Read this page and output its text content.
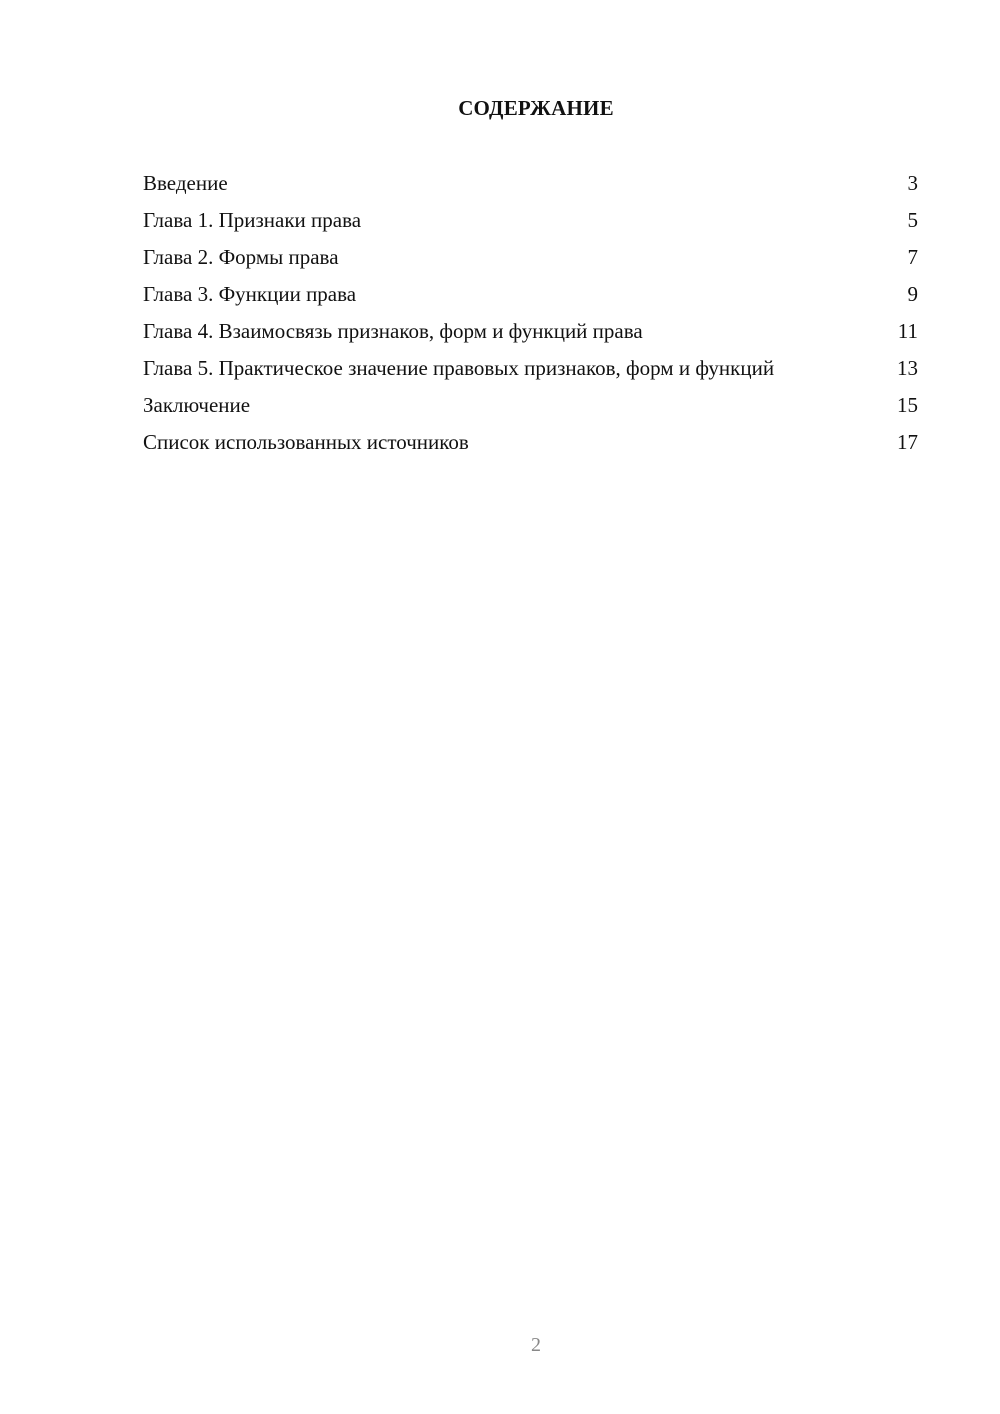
СОДЕРЖАНИЕ
Введение	3
Глава 1. Признаки права	5
Глава 2. Формы права	7
Глава 3. Функции права	9
Глава 4. Взаимосвязь признаков, форм и функций права	11
Глава 5. Практическое значение правовых признаков, форм и функций	13
Заключение	15
Список использованных источников	17
2
